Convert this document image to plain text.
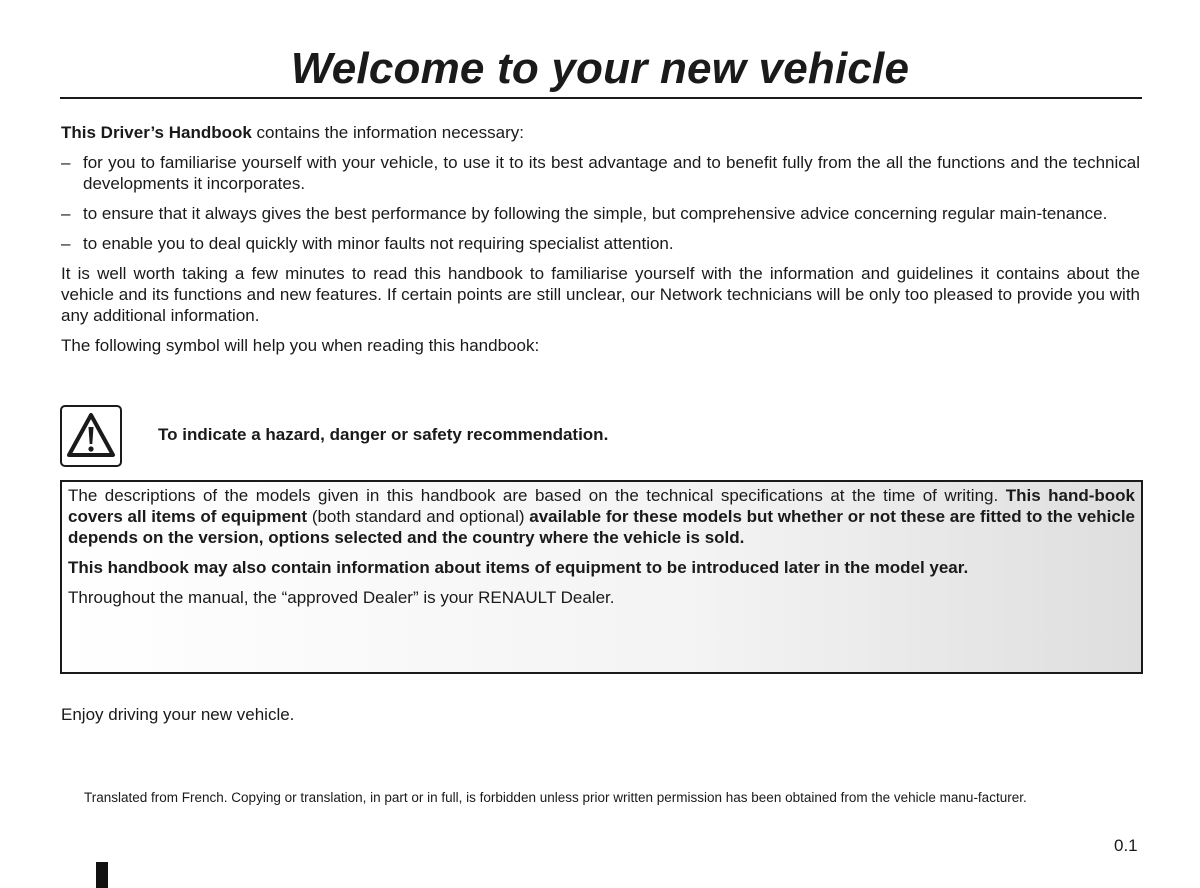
Welcome to your new vehicle

This Driver’s Handbook contains the information necessary:

– for you to familiarise yourself with your vehicle, to use it to its best advantage and to benefit fully from the all the functions and the technical developments it incorporates.
– to ensure that it always gives the best performance by following the simple, but comprehensive advice concerning regular main-tenance.
– to enable you to deal quickly with minor faults not requiring specialist attention.

It is well worth taking a few minutes to read this handbook to familiarise yourself with the information and guidelines it contains about the vehicle and its functions and new features. If certain points are still unclear, our Network technicians will be only too pleased to provide you with any additional information.

The following symbol will help you when reading this handbook:

To indicate a hazard, danger or safety recommendation.

The descriptions of the models given in this handbook are based on the technical specifications at the time of writing. This hand-book covers all items of equipment (both standard and optional) available for these models but whether or not these are fitted to the vehicle depends on the version, options selected and the country where the vehicle is sold.

This handbook may also contain information about items of equipment to be introduced later in the model year.

Throughout the manual, the “approved Dealer” is your RENAULT Dealer.

Enjoy driving your new vehicle.
Translated from French. Copying or translation, in part or in full, is forbidden unless prior written permission has been obtained from the vehicle manu-facturer.
0.1
